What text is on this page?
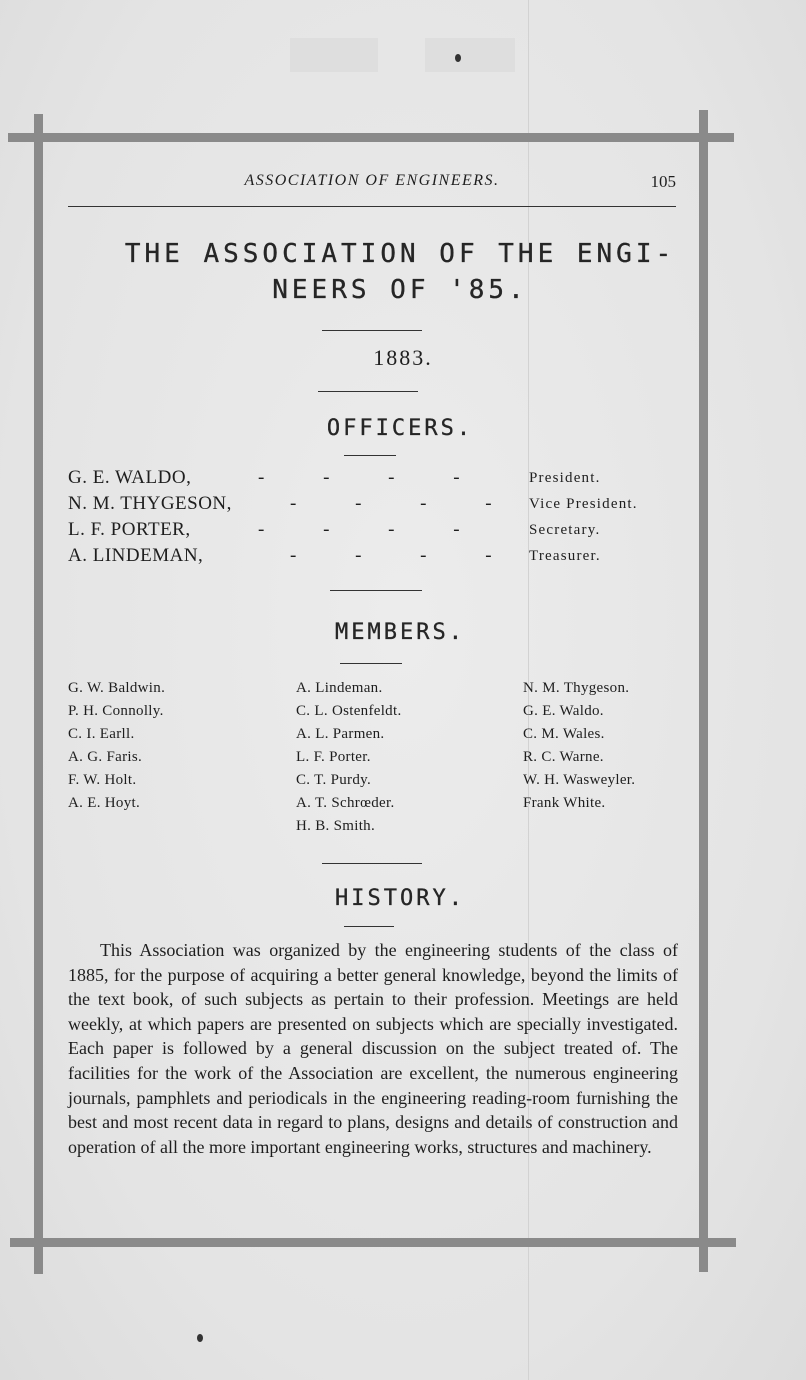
ASSOCIATION OF ENGINEERS.	105
THE ASSOCIATION OF THE ENGI-
NEERS OF '85.
1883.
OFFICERS.
G. E. WALDO,	- - - -	President.
N. M. THYGESON,	- - - - Vice President.
L. F. PORTER,	- - - -	Secretary.
A. LINDEMAN,	- - - - Treasurer.
MEMBERS.
G. W. Baldwin.
P. H. Connolly.
C. I. Earll.
A. G. Faris.
F. W. Holt.
A. E. Hoyt.
A. Lindeman.
C. L. Ostenfeldt.
A. L. Parmen.
L. F. Porter.
C. T. Purdy.
A. T. Schrœder.
H. B. Smith.
N. M. Thygeson.
G. E. Waldo.
C. M. Wales.
R. C. Warne.
W. H. Wasweyler.
Frank White.
HISTORY.
This Association was organized by the engineering students of the class of 1885, for the purpose of acquiring a better general knowledge, beyond the limits of the text book, of such subjects as pertain to their profession. Meetings are held weekly, at which papers are presented on subjects which are specially investigated. Each paper is followed by a general discussion on the subject treated of. The facilities for the work of the Association are excellent, the numerous engineering journals, pamphlets and periodicals in the engineering reading-room furnishing the best and most recent data in regard to plans, designs and details of construction and operation of all the more important engineering works, structures and machinery.
